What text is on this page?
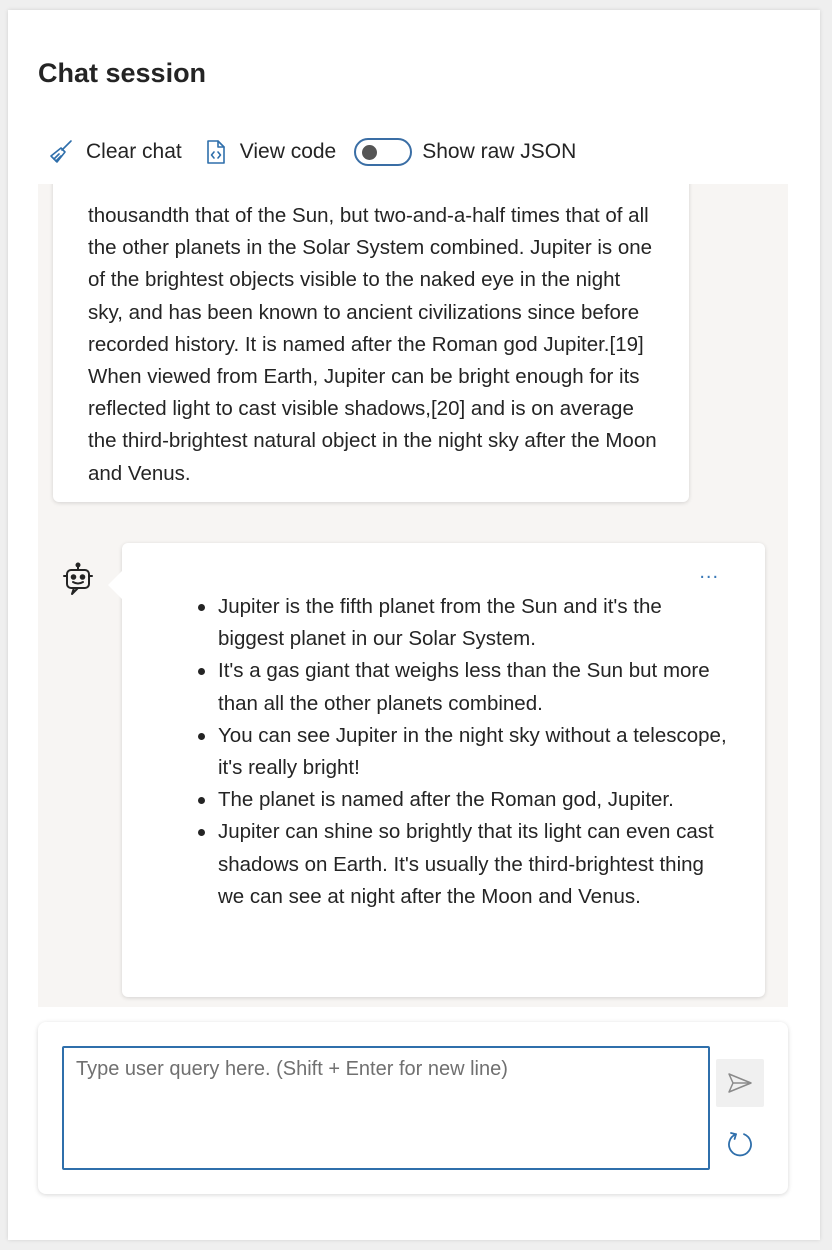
Chat session
Clear chat	View code	Show raw JSON

thousandth that of the Sun, but two-and-a-half times that of all the other planets in the Solar System combined. Jupiter is one of the brightest objects visible to the naked eye in the night sky, and has been known to ancient civilizations since before recorded history. It is named after the Roman god Jupiter.[19] When viewed from Earth, Jupiter can be bright enough for its reflected light to cast visible shadows,[20] and is on average the third-brightest natural object in the night sky after the Moon and Venus.

...
Jupiter is the fifth planet from the Sun and it's the biggest planet in our Solar System.
It's a gas giant that weighs less than the Sun but more than all the other planets combined.
You can see Jupiter in the night sky without a telescope, it's really bright!
The planet is named after the Roman god, Jupiter.
Jupiter can shine so brightly that its light can even cast shadows on Earth. It's usually the third-brightest thing we can see at night after the Moon and Venus.
Type user query here. (Shift + Enter for new line)
